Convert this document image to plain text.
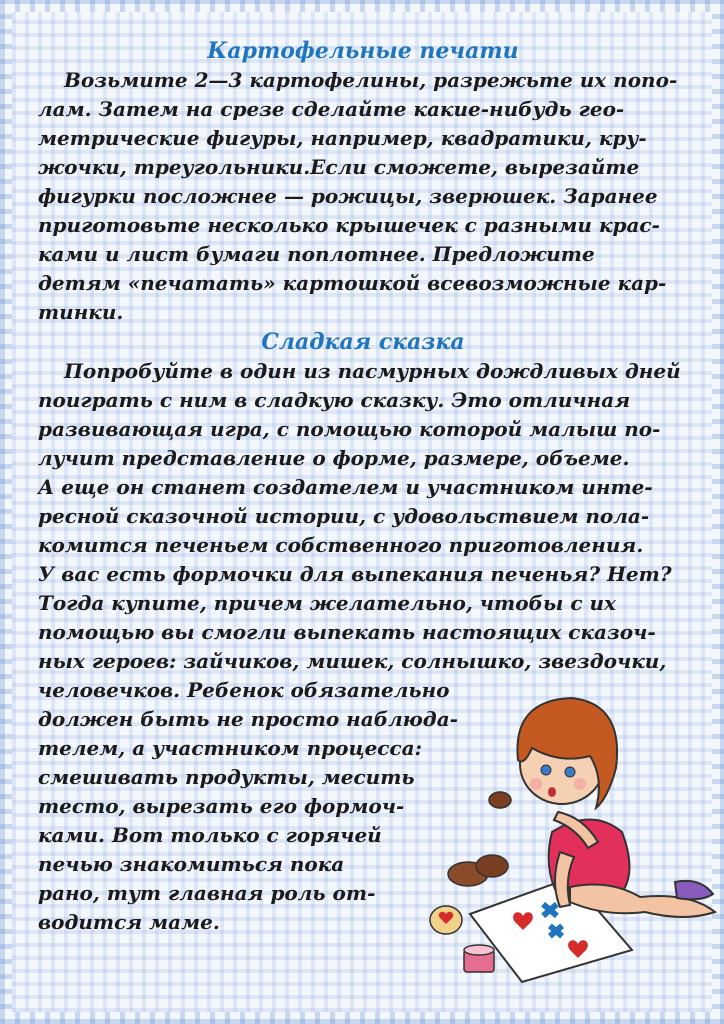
Картофельные печати
Возьмите 2—3 картофелины, разрежьте их попо-
лам. Затем на срезе сделайте какие-нибудь гео-
метрические фигуры, например, квадратики, кру-
жочки, треугольники.Если сможете, вырезайте
фигурки посложнее — рожицы, зверюшек. Заранее
приготовьте несколько крышечек с разными крас-
ками и лист бумаги поплотнее. Предложите
детям «печатать» картошкой всевозможные кар-
тинки.
Сладкая сказка
Попробуйте в один из пасмурных дождливых дней
поиграть с ним в сладкую сказку. Это отличная
развивающая игра, с помощью которой малыш по-
лучит представление о форме, размере, объеме.
А еще он станет создателем и участником инте-
ресной сказочной истории, с удовольствием пола-
комится печеньем собственного приготовления.
У вас есть формочки для выпекания печенья? Нет?
Тогда купите, причем желательно, чтобы с их
помощью вы смогли выпекать настоящих сказоч-
ных героев: зайчиков, мишек, солнышко, звездочки,
человечков. Ребенок обязательно
должен быть не просто наблюда-
телем, а участником процесса:
смешивать продукты, месить
тесто, вырезать его формоч-
ками. Вот только с горячей
печью знакомиться пока
рано, тут главная роль от-
водится маме.
